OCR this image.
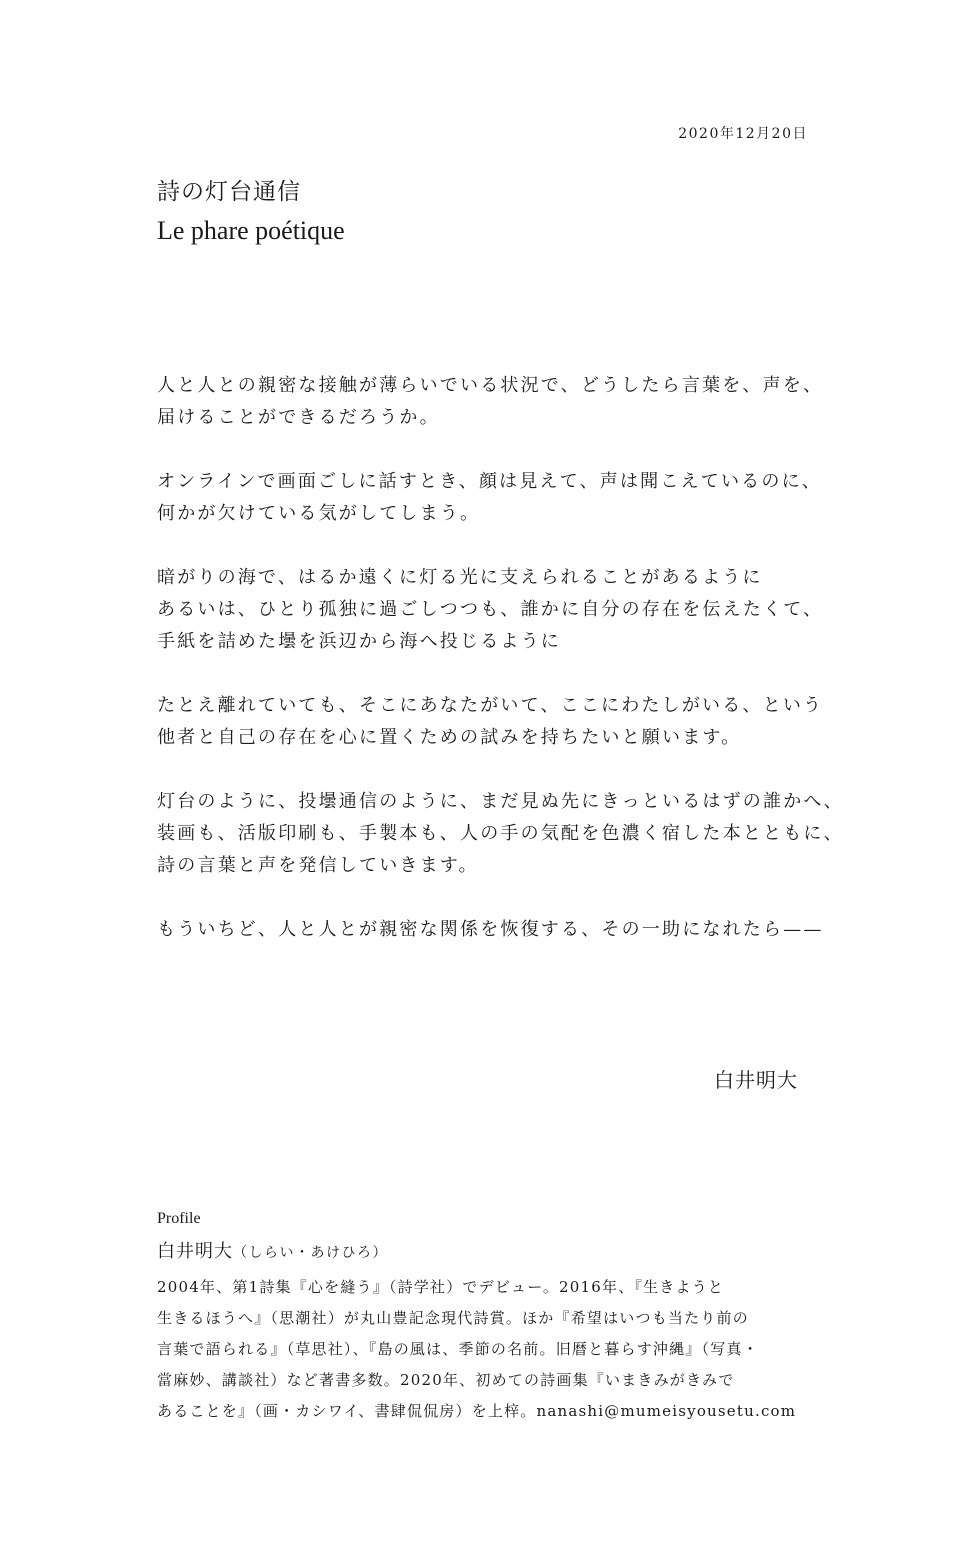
2020年12月20日
詩の灯台通信
Le phare poétique
人と人との親密な接触が薄らいでいる状況で、どうしたら言葉を、声を、
届けることができるだろうか。
オンラインで画面ごしに話すとき、顔は見えて、声は聞こえているのに、
何かが欠けている気がしてしまう。
暗がりの海で、はるか遠くに灯る光に支えられることがあるように
あるいは、ひとり孤独に過ごしつつも、誰かに自分の存在を伝えたくて、
手紙を詰めた壜を浜辺から海へ投じるように
たとえ離れていても、そこにあなたがいて、ここにわたしがいる、という
他者と自己の存在を心に置くための試みを持ちたいと願います。
灯台のように、投壜通信のように、まだ見ぬ先にきっといるはずの誰かへ、
装画も、活版印刷も、手製本も、人の手の気配を色濃く宿した本とともに、
詩の言葉と声を発信していきます。
もういちど、人と人とが親密な関係を恢復する、その一助になれたら——
白井明大
Profile
白井明大（しらい・あけひろ）
2004年、第1詩集『心を縫う』（詩学社）でデビュー。2016年、『生きようと
生きるほうへ』（思潮社）が丸山豊記念現代詩賞。ほか『希望はいつも当たり前の
言葉で語られる』（草思社）、『島の風は、季節の名前。旧暦と暮らす沖縄』（写真・
當麻妙、講談社）など著書多数。2020年、初めての詩画集『いまきみがきみで
あることを』（画・カシワイ、書肆侃侃房）を上梓。nanashi@mumeisyousetu.com
